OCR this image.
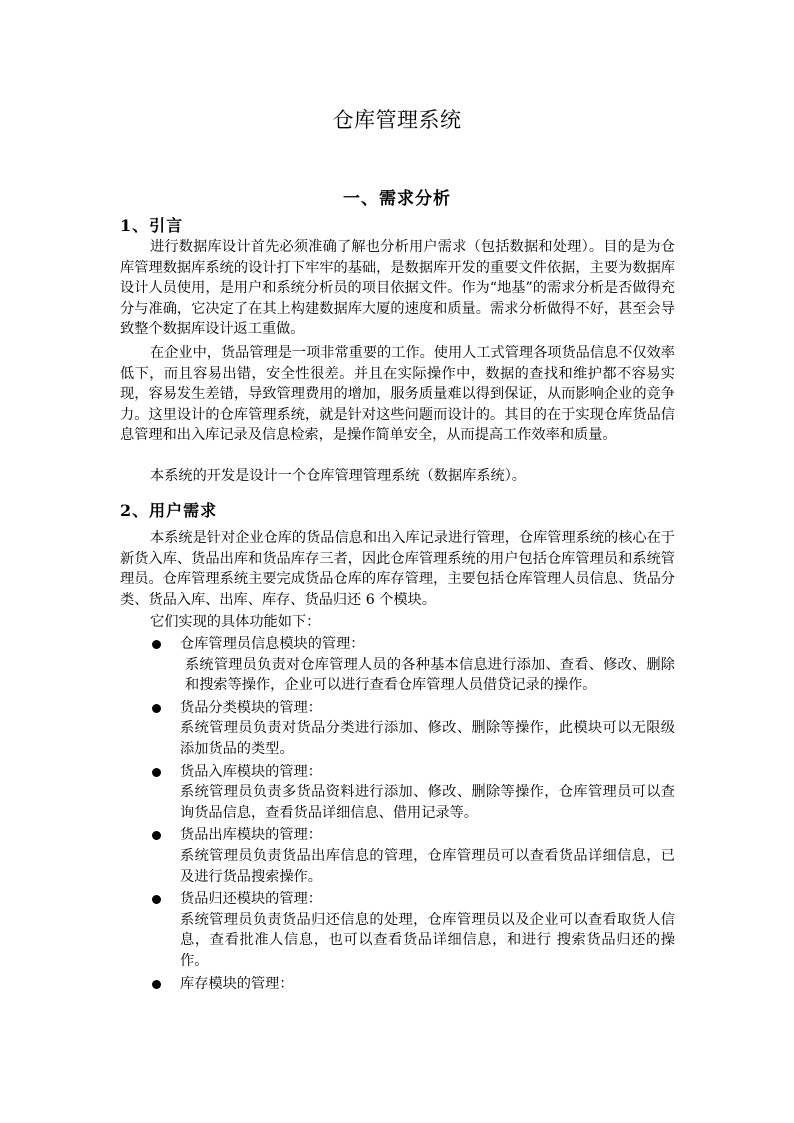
仓库管理系统
一、需求分析
1、引言

进行数据库设计首先必须准确了解也分析用户需求（包括数据和处理）。目的是为仓库管理数据库系统的设计打下牢牢的基础，是数据库开发的重要文件依据，主要为数据库设计人员使用，是用户和系统分析员的项目依据文件。作为“地基”的需求分析是否做得充分与准确，它决定了在其上构建数据库大厦的速度和质量。需求分析做得不好，甚至会导致整个数据库设计返工重做。

在企业中，货品管理是一项非常重要的工作。使用人工式管理各项货品信息不仅效率低下，而且容易出错，安全性很差。并且在实际操作中，数据的查找和维护都不容易实现，容易发生差错，导致管理费用的增加，服务质量难以得到保证，从而影响企业的竞争力。这里设计的仓库管理系统，就是针对这些问题而设计的。其目的在于实现仓库货品信息管理和出入库记录及信息检索，是操作简单安全，从而提高工作效率和质量。

本系统的开发是设计一个仓库管理管理系统（数据库系统）。

2、用户需求

本系统是针对企业仓库的货品信息和出入库记录进行管理，仓库管理系统的核心在于新货入库、货品出库和货品库存三者，因此仓库管理系统的用户包括仓库管理员和系统管理员。仓库管理系统主要完成货品仓库的库存管理，主要包括仓库管理人员信息、货品分类、货品入库、出库、库存、货品归还 6 个模块。

它们实现的具体功能如下：

仓库管理员信息模块的管理：
系统管理员负责对仓库管理人员的各种基本信息进行添加、查看、修改、删除和搜索等操作，企业可以进行查看仓库管理人员借贷记录的操作。
货品分类模块的管理：
系统管理员负责对货品分类进行添加、修改、删除等操作，此模块可以无限级添加货品的类型。
货品入库模块的管理：
系统管理员负责多货品资料进行添加、修改、删除等操作，仓库管理员可以查询货品信息，查看货品详细信息、借用记录等。
货品出库模块的管理：
系统管理员负责货品出库信息的管理，仓库管理员可以查看货品详细信息，已及进行货品搜索操作。
货品归还模块的管理：
系统管理员负责货品归还信息的处理，仓库管理员以及企业可以查看取货人信息，查看批准人信息，也可以查看货品详细信息，和进行 搜索货品归还的操作。
库存模块的管理：
